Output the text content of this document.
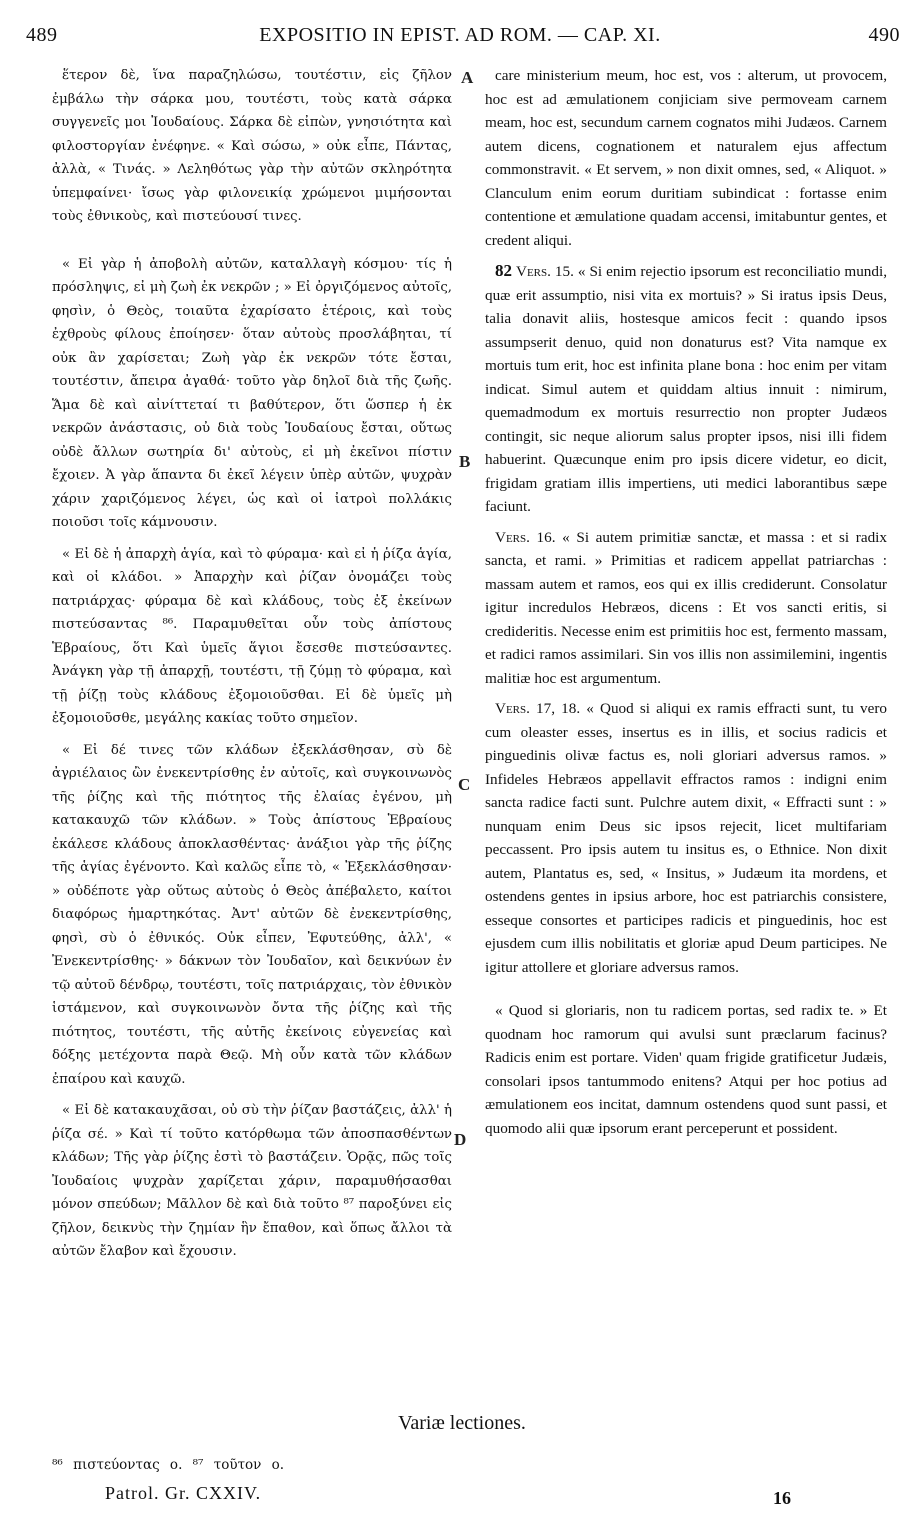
489	EXPOSITIO IN EPIST. AD ROM. — CAP. XI.	490

ἕτερον δὲ, ἵνα παραζηλώσω, τουτέστιν, εἰς ζῆλον ἐμβάλω τὴν σάρκα μου, τουτέστι, τοὺς κατὰ σάρκα συγγενεῖς μοι Ἰουδαίους. Σάρκα δὲ εἰπὼν, γνησιότητα καὶ φιλοστοργίαν ἐνέφηνε. « Καὶ σώσω, » οὐκ εἶπε, Πάντας, ἀλλὰ, « Τινάς. » Λεληθότως γὰρ τὴν αὐτῶν σκληρότητα ὑπεμφαίνει· ἴσως γὰρ φιλονεικίᾳ χρώμενοι μιμήσονται τοὺς ἐθνικοὺς, καὶ πιστεύουσί τινες.

« Εἰ γὰρ ἡ ἀποβολὴ αὐτῶν, καταλλαγὴ κόσμου· τίς ἡ πρόσληψις, εἰ μὴ ζωὴ ἐκ νεκρῶν ; » Εἰ ὀργιζόμενος αὐτοῖς, φησὶν, ὁ Θεὸς, τοιαῦτα ἐχαρίσατο ἑτέροις, καὶ τοὺς ἐχθροὺς φίλους ἐποίησεν· ὅταν αὐτοὺς προσλάβηται, τί οὐκ ἂν χαρίσεται; Ζωὴ γὰρ ἐκ νεκρῶν τότε ἔσται, τουτέστιν, ἄπειρα ἀγαθά· τοῦτο γὰρ δηλοῖ διὰ τῆς ζωῆς. Ἅμα δὲ καὶ αἰνίττεταί τι βαθύτερον, ὅτι ὥσπερ ἡ ἐκ νεκρῶν ἀνάστασις, οὐ διὰ τοὺς Ἰουδαίους ἔσται, οὕτως οὐδὲ ἄλλων σωτηρία δι' αὐτοὺς, εἰ μὴ ἐκεῖνοι πίστιν ἔχοιεν. Ἀ γὰρ ἅπαντα δι ἐκεῖ λέγειν ὑπὲρ αὐτῶν, ψυχρὰν χάριν χαριζόμενος λέγει, ὡς καὶ οἱ ἰατροὶ πολλάκις ποιοῦσι τοῖς κάμνουσιν.

« Εἰ δὲ ἡ ἀπαρχὴ ἁγία, καὶ τὸ φύραμα· καὶ εἰ ἡ ῥίζα ἁγία, καὶ οἱ κλάδοι. » Ἀπαρχὴν καὶ ῥίζαν ὀνομάζει τοὺς πατριάρχας· φύραμα δὲ καὶ κλάδους, τοὺς ἐξ ἐκείνων πιστεύσαντας ⁸⁶. Παραμυθεῖται οὖν τοὺς ἀπίστους Ἑβραίους, ὅτι Καὶ ὑμεῖς ἅγιοι ἔσεσθε πιστεύσαντες. Ἀνάγκη γὰρ τῇ ἀπαρχῇ, τουτέστι, τῇ ζύμῃ τὸ φύραμα, καὶ τῇ ῥίζῃ τοὺς κλάδους ἐξομοιοῦσθαι. Εἰ δὲ ὑμεῖς μὴ ἐξομοιοῦσθε, μεγάλης κακίας τοῦτο σημεῖον.

« Εἰ δέ τινες τῶν κλάδων ἐξεκλάσθησαν, σὺ δὲ ἀγριέλαιος ὢν ἐνεκεντρίσθης ἐν αὐτοῖς, καὶ συγκοινωνὸς τῆς ῥίζης καὶ τῆς πιότητος τῆς ἐλαίας ἐγένου, μὴ κατακαυχῶ τῶν κλάδων. » Τοὺς ἀπίστους Ἑβραίους ἐκάλεσε κλάδους ἀποκλασθέντας· ἀνάξιοι γὰρ τῆς ῥίζης τῆς ἁγίας ἐγένοντο. Καὶ καλῶς εἶπε τὸ, « Ἐξεκλάσθησαν· » οὐδέποτε γὰρ οὕτως αὐτοὺς ὁ Θεὸς ἀπέβαλετο, καίτοι διαφόρως ἡμαρτηκότας. Ἀντ' αὐτῶν δὲ ἐνεκεντρίσθης, φησὶ, σὺ ὁ ἐθνικός. Οὐκ εἶπεν, Ἐφυτεύθης, ἀλλ', « Ἐνεκεντρίσθης· » δάκνων τὸν Ἰουδαῖον, καὶ δεικνύων ἐν τῷ αὐτοῦ δένδρῳ, τουτέστι, τοῖς πατριάρχαις, τὸν ἐθνικὸν ἱστάμενον, καὶ συγκοινωνὸν ὄντα τῆς ῥίζης καὶ τῆς πιότητος, τουτέστι, τῆς αὐτῆς ἐκείνοις εὐγενείας καὶ δόξης μετέχοντα παρὰ Θεῷ. Μὴ οὖν κατὰ τῶν κλάδων ἐπαίρου καὶ καυχῶ.

« Εἰ δὲ κατακαυχᾶσαι, οὐ σὺ τὴν ῥίζαν βαστάζεις, ἀλλ' ἡ ῥίζα σέ. » Καὶ τί τοῦτο κατόρθωμα τῶν ἀποσπασθέντων κλάδων; Τῆς γὰρ ῥίζης ἐστὶ τὸ βαστάζειν. Ὁρᾷς, πῶς τοῖς Ἰουδαίοις ψυχρὰν χαρίζεται χάριν, παραμυθήσασθαι μόνον σπεύδων; Μᾶλλον δὲ καὶ διὰ τοῦτο ⁸⁷ παροξύνει εἰς ζῆλον, δεικνὺς τὴν ζημίαν ἣν ἔπαθον, καὶ ὅπως ἄλλοι τὰ αὐτῶν ἔλαβον καὶ ἔχουσιν.

A
B
C
D

care ministerium meum, hoc est, vos : alterum, ut provocem, hoc est ad æmulationem conjiciam sive permoveam carnem meam, hoc est, secundum carnem cognatos mihi Judæos. Carnem autem dicens, cognationem et naturalem ejus affectum commonstravit. « Et servem, » non dixit omnes, sed, « Aliquot. » Clanculum enim eorum duritiam subindicat : fortasse enim contentione et æmulatione quadam accensi, imitabuntur gentes, et credent aliqui.

82 Vers. 15. « Si enim rejectio ipsorum est reconciliatio mundi, quæ erit assumptio, nisi vita ex mortuis? » Si iratus ipsis Deus, talia donavit aliis, hostesque amicos fecit : quando ipsos assumpserit denuo, quid non donaturus est? Vita namque ex mortuis tum erit, hoc est infinita plane bona : hoc enim per vitam indicat. Simul autem et quiddam altius innuit : nimirum, quemadmodum ex mortuis resurrectio non propter Judæos contingit, sic neque aliorum salus propter ipsos, nisi illi fidem habuerint. Quæcunque enim pro ipsis dicere videtur, eo dicit, frigidam gratiam illis impertiens, uti medici laborantibus sæpe faciunt.

Vers. 16. « Si autem primitiæ sanctæ, et massa : et si radix sancta, et rami. » Primitias et radicem appellat patriarchas : massam autem et ramos, eos qui ex illis crediderunt. Consolatur igitur incredulos Hebræos, dicens : Et vos sancti eritis, si credideritis. Necesse enim est primitiis hoc est, fermento massam, et radici ramos assimilari. Sin vos illis non assimilemini, ingentis malitiæ hoc est argumentum.

Vers. 17, 18. « Quod si aliqui ex ramis effracti sunt, tu vero cum oleaster esses, insertus es in illis, et socius radicis et pinguedinis olivæ factus es, noli gloriari adversus ramos. » Infideles Hebræos appellavit effractos ramos : indigni enim sancta radice facti sunt. Pulchre autem dixit, « Effracti sunt : » nunquam enim Deus sic ipsos rejecit, licet multifariam peccassent. Pro ipsis autem tu insitus es, o Ethnice. Non dixit autem, Plantatus es, sed, « Insitus, » Judæum ita mordens, et ostendens gentes in ipsius arbore, hoc est patriarchis consistere, esseque consortes et participes radicis et pinguedinis, hoc est ejusdem cum illis nobilitatis et gloriæ apud Deum participes. Ne igitur attollere et gloriare adversus ramos.

« Quod si gloriaris, non tu radicem portas, sed radix te. » Et quodnam hoc ramorum qui avulsi sunt præclarum facinus? Radicis enim est portare. Viden' quam frigide gratificetur Judæis, consolari ipsos tantummodo enitens? Atqui per hoc potius ad æmulationem eos incitat, damnum ostendens quod sunt passi, et quomodo alii quæ ipsorum erant perceperunt et possident.

Variæ lectiones.
⁸⁶ πιστεύοντας ο. ⁸⁷ τοῦτον ο.
Patrol. Gr. CXXIV.	16
